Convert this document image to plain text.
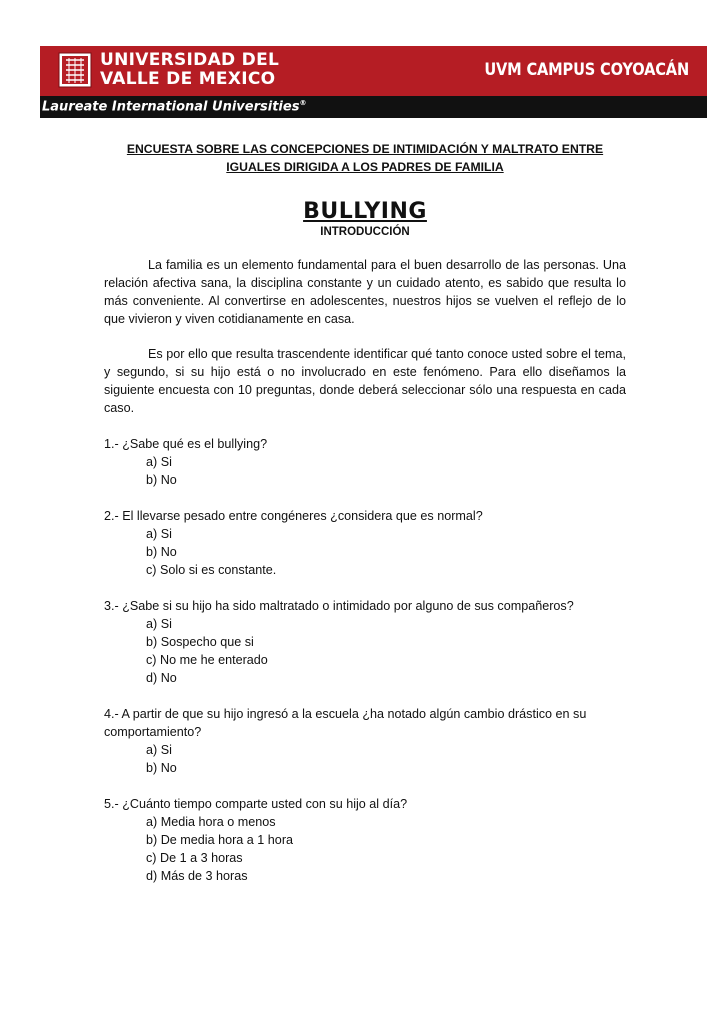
UNIVERSIDAD DEL
VALLE DE MEXICO	UVM CAMPUS COYOACÁN
Laureate International Universities®

ENCUESTA SOBRE LAS CONCEPCIONES DE INTIMIDACIÓN Y MALTRATO ENTRE IGUALES DIRIGIDA A LOS PADRES DE FAMILIA

BULLYING

INTRODUCCIÓN

La familia es un elemento fundamental para el buen desarrollo de las personas. Una relación afectiva sana, la disciplina constante y un cuidado atento, es sabido que resulta lo más conveniente. Al convertirse en adolescentes, nuestros hijos se vuelven el reflejo de lo que vivieron y viven cotidianamente en casa.

Es por ello que resulta trascendente identificar qué tanto conoce usted sobre el tema, y segundo, si su hijo está o no involucrado en este fenómeno. Para ello diseñamos la siguiente encuesta con 10 preguntas, donde deberá seleccionar sólo una respuesta en cada caso.

1.- ¿Sabe qué es el bullying?

a) Si
b) No

2.- El llevarse pesado entre congéneres ¿considera que es normal?

a) Si
b) No
c) Solo si es constante.

3.- ¿Sabe si su hijo ha sido maltratado o intimidado por alguno de sus compañeros?

a) Si
b) Sospecho que si
c) No me he enterado
d) No

4.- A partir de que su hijo ingresó a la escuela ¿ha notado algún cambio drástico en su comportamiento?

a) Si
b) No

5.- ¿Cuánto tiempo comparte usted con su hijo al día?

a) Media hora o menos
b) De media hora a 1 hora
c) De 1 a 3 horas
d) Más de 3 horas
